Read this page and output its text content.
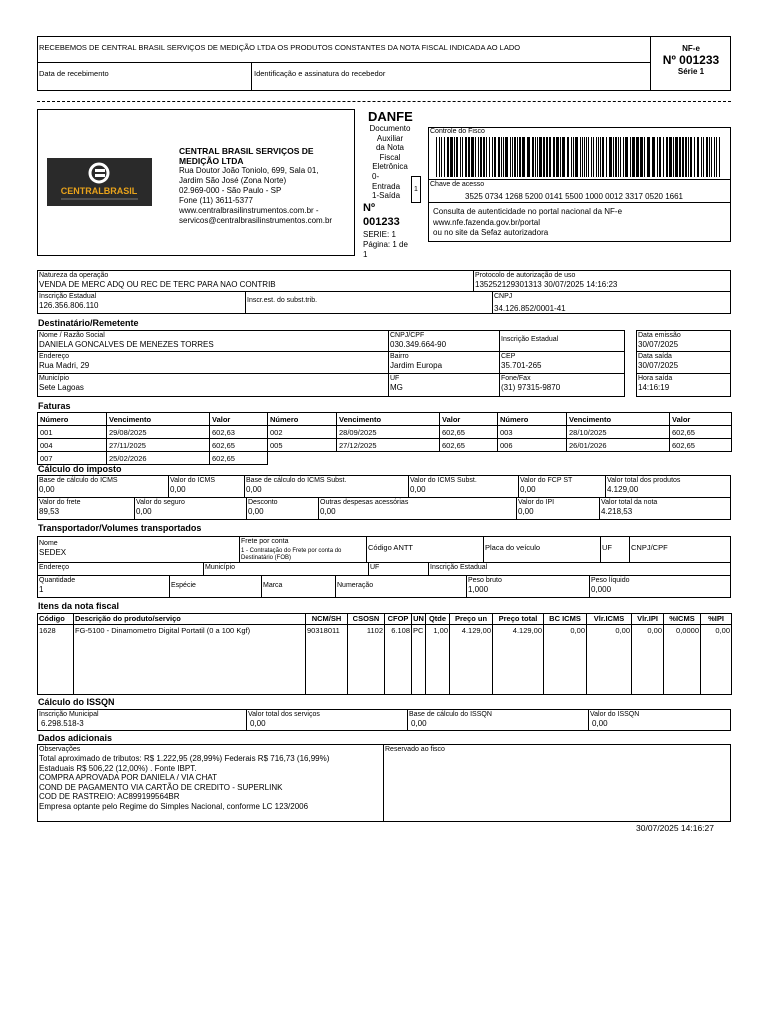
RECEBEMOS DE CENTRAL BRASIL SERVIÇOS DE MEDIÇÃO LTDA OS PRODUTOS CONSTANTES DA NOTA FISCAL INDICADA AO LADO
Data de recebimento	Identificação e assinatura do recebedor
NF-e
Nº 001233
Série 1
CENTRALBRASIL
CENTRAL BRASIL SERVIÇOS DE MEDIÇÃO LTDA
Rua Doutor João Toniolo, 699, Sala 01,
Jardim São José (Zona Norte)
02.969-000 - São Paulo - SP
Fone (11) 3611-5377
www.centralbrasilinstrumentos.com.br -
servicos@centralbrasilinstrumentos.com.br
DANFE
Documento
Auxiliar
da Nota
Fiscal
Eletrônica
0-
Entrada
1-Saída
1
Nº
001233
SERIE: 1
Página: 1 de
1
Controle do Fisco
Chave de acesso
3525 0734 1268 5200 0141 5500 1000 0012 3317 0520 1661
Consulta de autenticidade no portal nacional da NF-e
www.nfe.fazenda.gov.br/portal
ou no site da Sefaz autorizadora
Natureza da operação
VENDA DE MERC ADQ OU REC DE TERC PARA NAO CONTRIB
Protocolo de autorização de uso
135252129301313 30/07/2025 14:16:23
Inscrição Estadual
126.356.806.110
Inscr.est. do subst.trib.
CNPJ
34.126.852/0001-41
Destinatário/Remetente
Nome / Razão Social
DANIELA GONCALVES DE MENEZES TORRES
CNPJ/CPF
030.349.664-90
Inscrição Estadual
Data emissão
30/07/2025
Endereço
Rua Madri, 29
Bairro
Jardim Europa
CEP
35.701-265
Data saída
30/07/2025
Município
Sete Lagoas
UF
MG
Fone/Fax
(31) 97315-9870
Hora saída
14:16:19
Faturas
Número	Vencimento	Valor	Número	Vencimento	Valor	Número	Vencimento	Valor
001	29/08/2025	602,63	002	28/09/2025	602,65	003	28/10/2025	602,65
004	27/11/2025	602,65	005	27/12/2025	602,65	006	26/01/2026	602,65
007	25/02/2026	602,65						
Cálculo do imposto
Base de cálculo do ICMS
0,00
Valor do ICMS
0,00
Base de cálculo do ICMS Subst.
0,00
Valor do ICMS Subst.
0,00
Valor do FCP ST
0,00
Valor total dos produtos
4.129,00
Valor do frete
89,53
Valor do seguro
0,00
Desconto
0,00
Outras despesas acessórias
0,00
Valor do IPI
0,00
Valor total da nota
4.218,53
Transportador/Volumes transportados
Nome
SEDEX
Frete por conta
1 - Contratação do Frete por conta do
Destinatário (FOB)
Código ANTT	Placa do veículo	UF	CNPJ/CPF
Endereço	Município	UF	Inscrição Estadual
Quantidade
1	Espécie	Marca	Numeração
Peso bruto
1,000
Peso líquido
0,000
Itens da nota fiscal
Código	Descrição do produto/serviço	NCM/SH	CSOSN	CFOP	UN	Qtde	Preço un	Preço total	BC ICMS	Vlr.ICMS	Vlr.IPI	%ICMS	%IPI
1628	FG-5100 - Dinamometro Digital Portatil (0 a 100 Kgf)	90318011	1102	6.108	PC	1,00	4.129,00	4.129,00	0,00	0,00	0,00	0,0000	0,00

Cálculo do ISSQN
Inscrição Municipal
6.298.518-3
Valor total dos serviços
0,00
Base de cálculo do ISSQN
0,00
Valor do ISSQN
0,00
Dados adicionais
Observações
Total aproximado de tributos: R$ 1.222,95 (28,99%) Federais R$ 716,73 (16,99%)
Estaduais R$ 506,22 (12,00%) . Fonte IBPT.
COMPRA APROVADA POR DANIELA / VIA CHAT
COND DE PAGAMENTO VIA CARTÃO DE CREDITO - SUPERLINK
COD DE RASTREIO: AC899199564BR
Empresa optante pelo Regime do Simples Nacional, conforme LC 123/2006
Reservado ao fisco
30/07/2025 14:16:27
